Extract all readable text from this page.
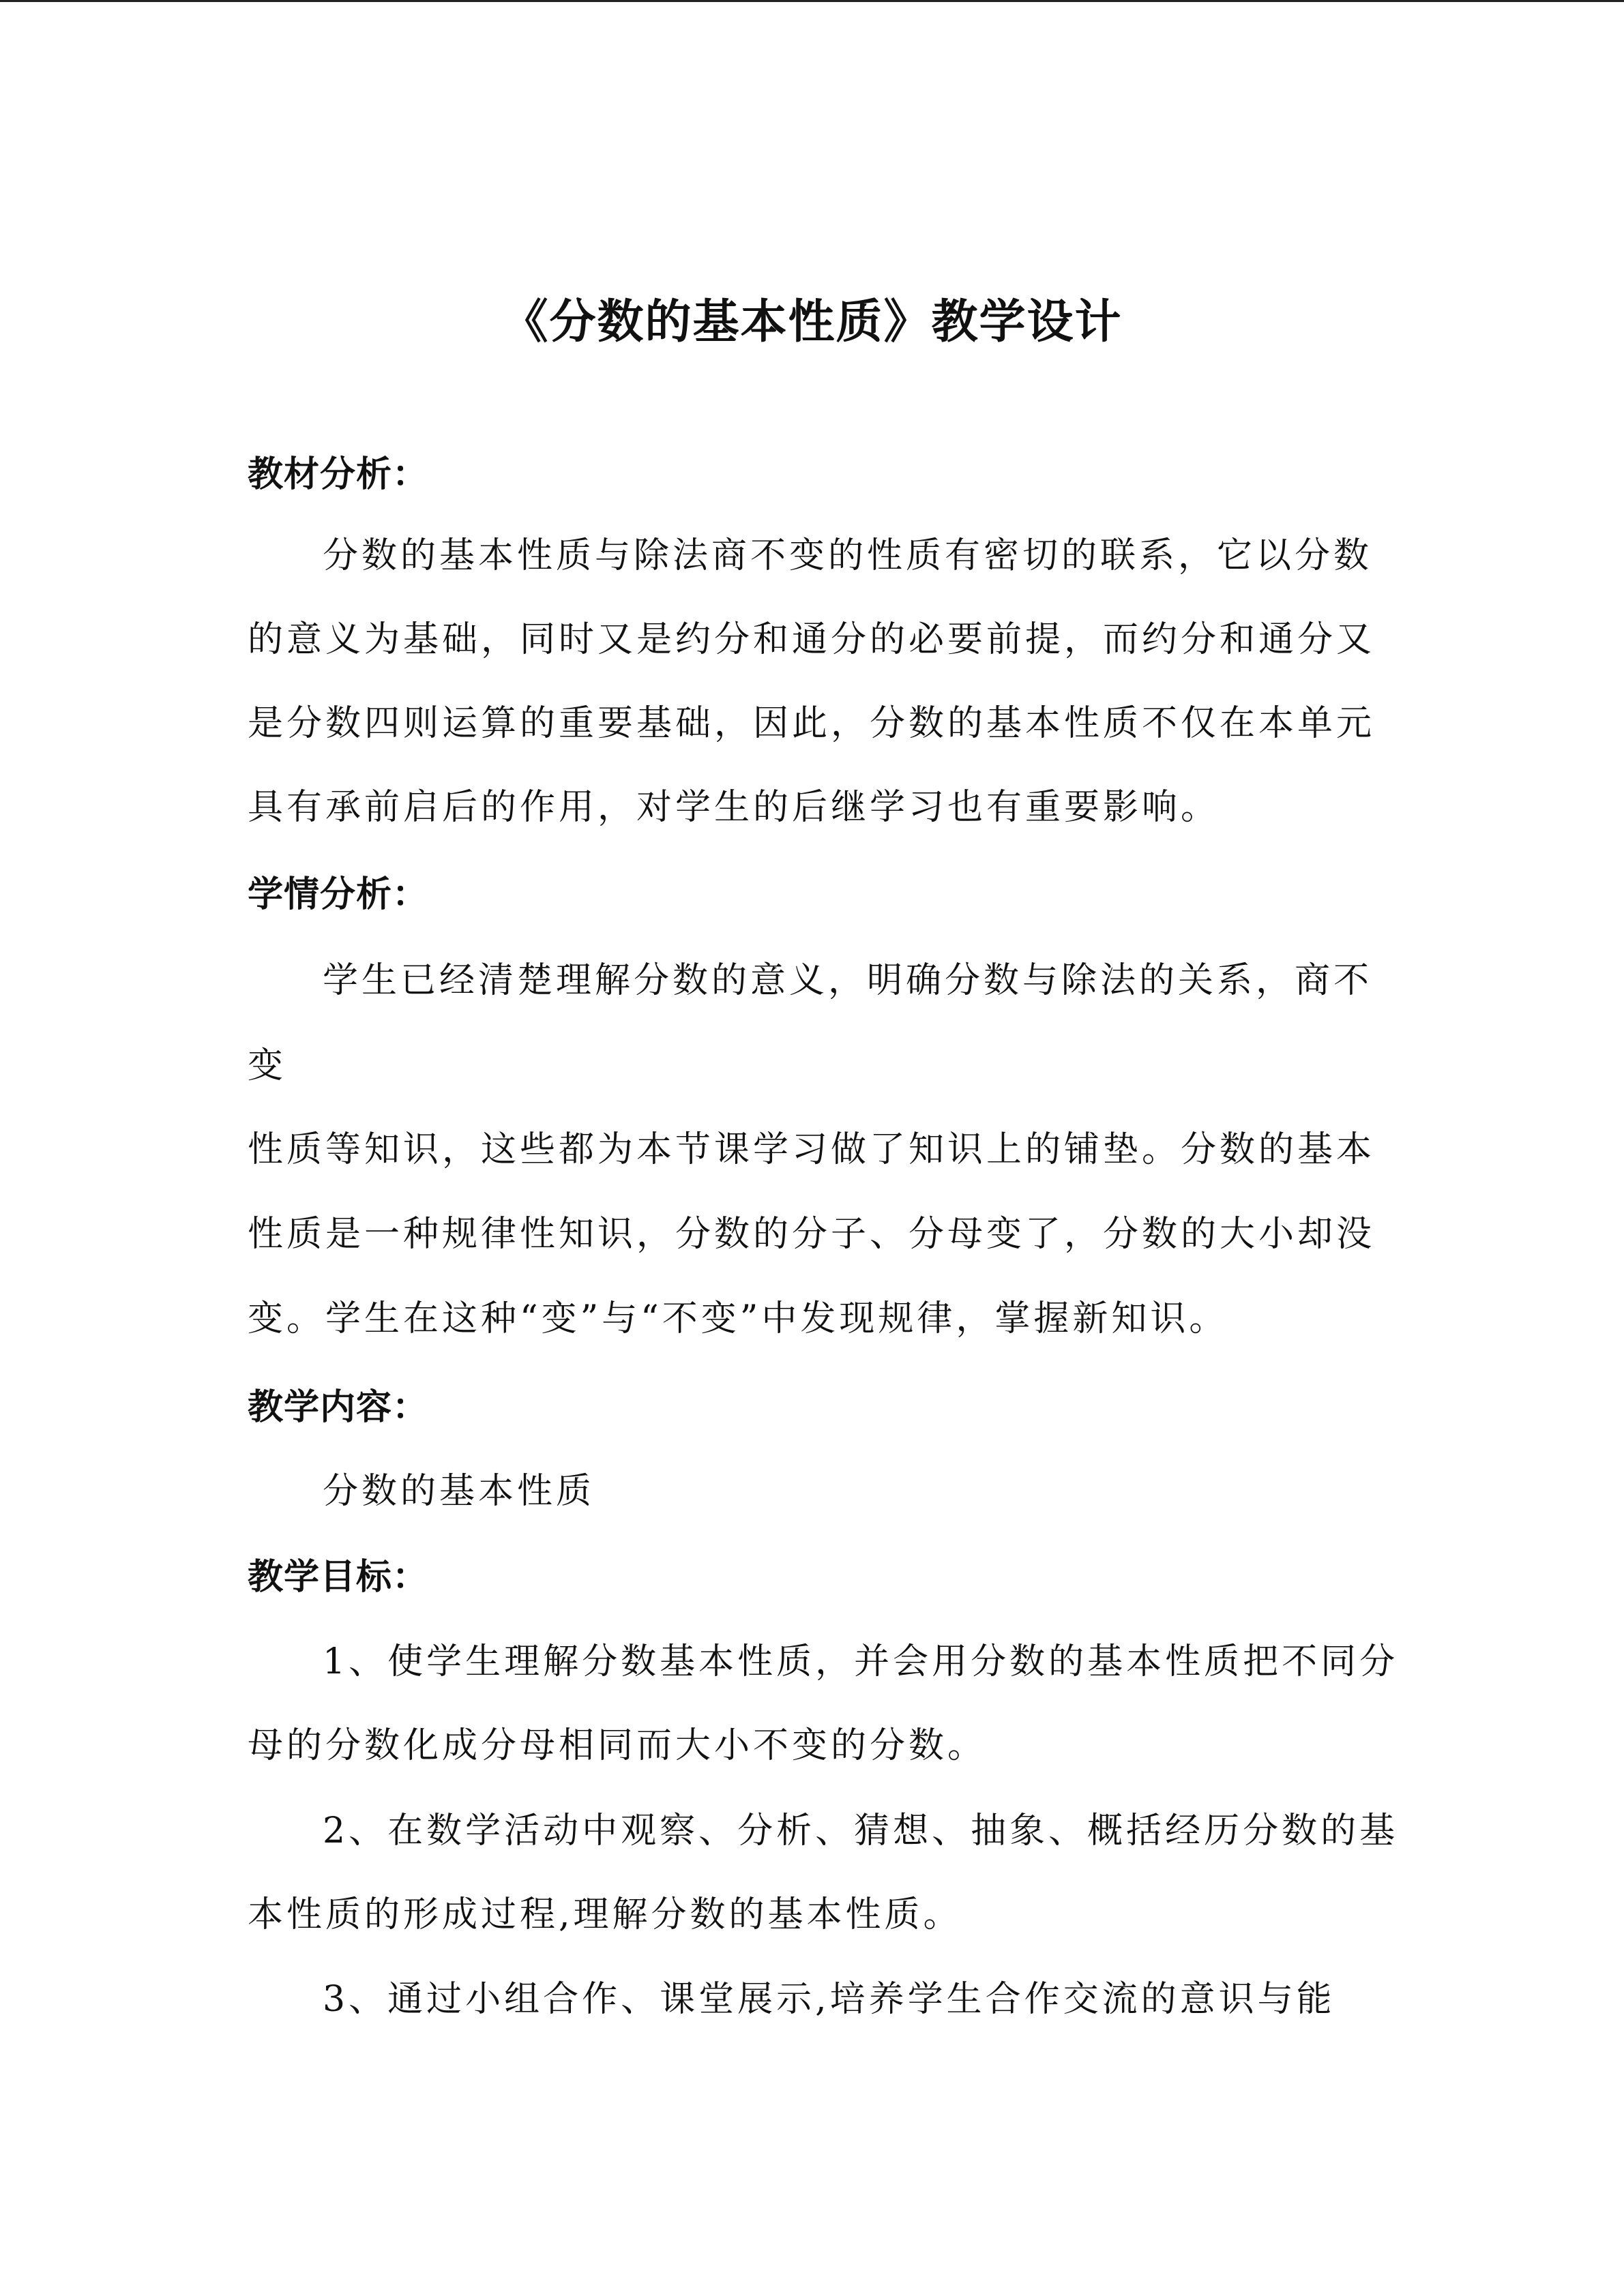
《分数的基本性质》教学设计
教材分析：
分数的基本性质与除法商不变的性质有密切的联系，它以分数
的意义为基础，同时又是约分和通分的必要前提，而约分和通分又
是分数四则运算的重要基础，因此，分数的基本性质不仅在本单元
具有承前启后的作用，对学生的后继学习也有重要影响。
学情分析：
学生已经清楚理解分数的意义，明确分数与除法的关系，商不
变
性质等知识，这些都为本节课学习做了知识上的铺垫。分数的基本
性质是一种规律性知识，分数的分子、分母变了，分数的大小却没
变。学生在这种“变”与“不变”中发现规律，掌握新知识。
教学内容：
分数的基本性质
教学目标：
1、使学生理解分数基本性质，并会用分数的基本性质把不同分
母的分数化成分母相同而大小不变的分数。
2、在数学活动中观察、分析、猜想、抽象、概括经历分数的基
本性质的形成过程,理解分数的基本性质。
3、通过小组合作、课堂展示,培养学生合作交流的意识与能
